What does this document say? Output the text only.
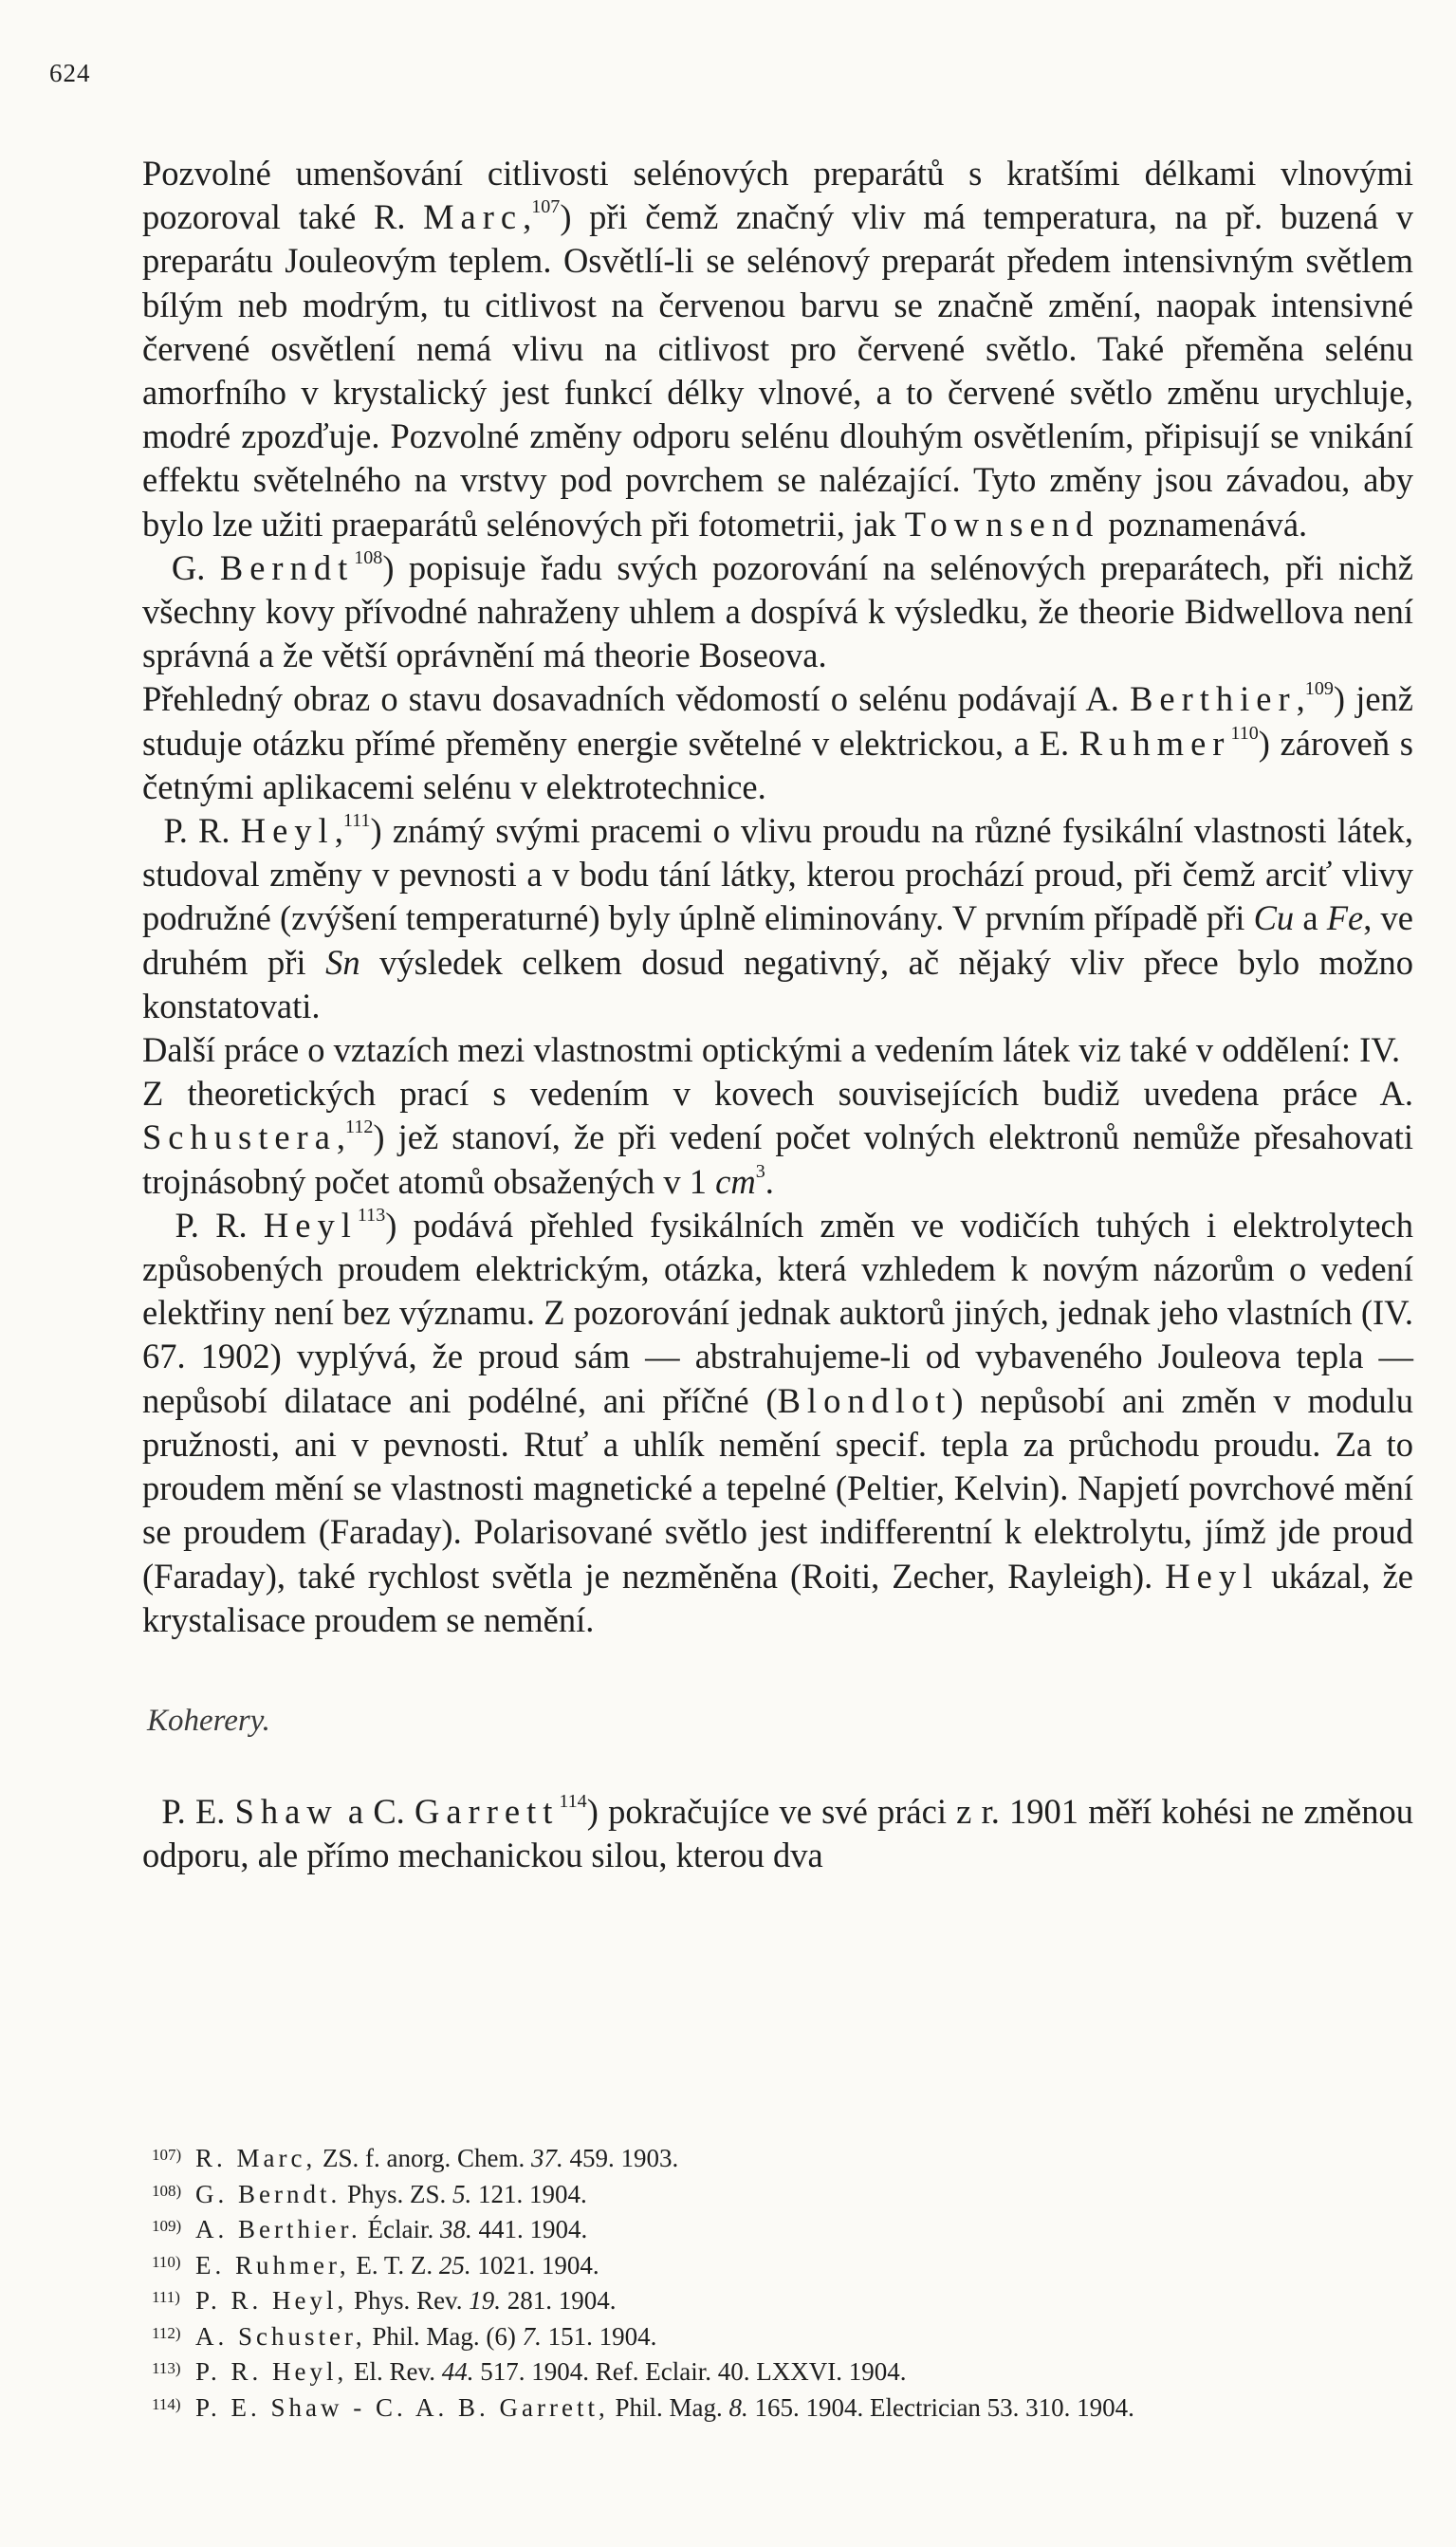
624

Pozvolné umenšování citlivosti selénových preparátů s kratšími délkami vlnovými pozoroval také R. Marc,$^{107}$) při čemž značný vliv má temperatura, na př. buzená v preparátu Jouleovým teplem. Osvětlí-li se selénový preparát předem intensivným světlem bílým neb modrým, tu citlivost na červenou barvu se značně změní, naopak intensivné červené osvětlení nemá vlivu na citlivost pro červené světlo. Také přeměna selénu amorfního v krystalický jest funkcí délky vlnové, a to červené světlo změnu urychluje, modré zpozďuje. Pozvolné změny odporu selénu dlouhým osvětlením, připisují se vnikání effektu světelného na vrstvy pod povrchem se nalézající. Tyto změny jsou závadou, aby bylo lze užiti praeparátů selénových při fotometrii, jak Townsend poznamenává.

G. Berndt$^{108}$) popisuje řadu svých pozorování na selénových preparátech, při nichž všechny kovy přívodné nahraženy uhlem a dospívá k výsledku, že theorie Bidwellova není správná a že větší oprávnění má theorie Boseova.

Přehledný obraz o stavu dosavadních vědomostí o selénu podávají A. Berthier,$^{109}$) jenž studuje otázku přímé přeměny energie světelné v elektrickou, a E. Ruhmer$^{110}$) zároveň s četnými aplikacemi selénu v elektrotechnice.

P. R. Heyl,$^{111}$) známý svými pracemi o vlivu proudu na různé fysikální vlastnosti látek, studoval změny v pevnosti a v bodu tání látky, kterou prochází proud, při čemž arciť vlivy podružné (zvýšení temperaturné) byly úplně eliminovány. V prvním případě při Cu a Fe, ve druhém při Sn výsledek celkem dosud negativný, ač nějaký vliv přece bylo možno konstatovati.

Další práce o vztazích mezi vlastnostmi optickými a vedením látek viz také v oddělení: IV.

Z theoretických prací s vedením v kovech souvisejících budiž uvedena práce A. Schustera,$^{112}$) jež stanoví, že při vedení počet volných elektronů nemůže přesahovati trojnásobný počet atomů obsažených v 1 $cm^3$.

P. R. Heyl$^{113}$) podává přehled fysikálních změn ve vodičích tuhých i elektrolytech způsobených proudem elektrickým, otázka, která vzhledem k novým názorům o vedení elektřiny není bez významu. Z pozorování jednak auktorů jiných, jednak jeho vlastních (IV. 67. 1902) vyplývá, že proud sám — abstrahujeme-li od vybaveného Jouleova tepla — nepůsobí dilatace ani podélné, ani příčné (Blondlot) nepůsobí ani změn v modulu pružnosti, ani v pevnosti. Rtuť a uhlík nemění specif. tepla za průchodu proudu. Za to proudem mění se vlastnosti magnetické a tepelné (Peltier, Kelvin). Napjetí povrchové mění se proudem (Faraday). Polarisované světlo jest indifferentní k elektrolytu, jímž jde proud (Faraday), také rychlost světla je nezměněna (Roiti, Zecher, Rayleigh). Heyl ukázal, že krystalisace proudem se nemění.

Koherery.

P. E. Shaw a C. Garrett$^{114}$) pokračujíce ve své práci z r. 1901 měří kohési ne změnou odporu, ale přímo mechanickou silou, kterou dva

107) R. Marc, ZS. f. anorg. Chem. 37. 459. 1903.
108) G. Berndt. Phys. ZS. 5. 121. 1904.
109) A. Berthier. Éclair. 38. 441. 1904.
110) E. Ruhmer, E. T. Z. 25. 1021. 1904.
111) P. R. Heyl, Phys. Rev. 19. 281. 1904.
112) A. Schuster, Phil. Mag. (6) 7. 151. 1904.
113) P. R. Heyl, El. Rev. 44. 517. 1904. Ref. Eclair. 40. LXXVI. 1904.
114) P. E. Shaw - C. A. B. Garrett, Phil. Mag. 8. 165. 1904. Electrician 53. 310. 1904.
